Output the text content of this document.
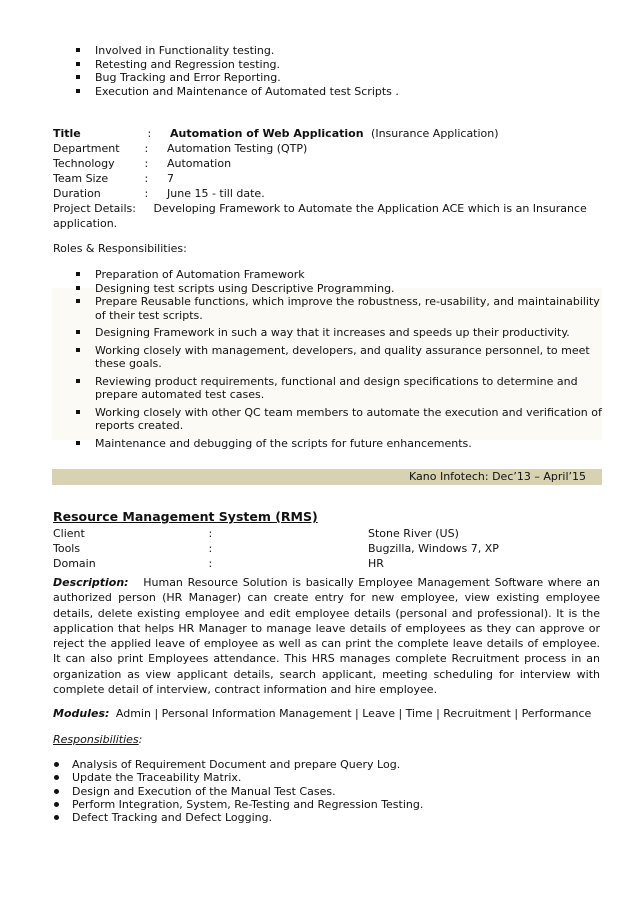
Involved in Functionality testing.
Retesting and Regression testing.
Bug Tracking and Error Reporting.
Execution and Maintenance of Automated test Scripts .
Title	: Automation of Web Application (Insurance Application)
Department : Automation Testing (QTP)
Technology	: Automation
Team Size	: 7
Duration	: June 15 - till date.
Project Details: Developing Framework to Automate the Application ACE which is an Insurance
application.
Roles & Responsibilities:
Preparation of Automation Framework
Designing test scripts using Descriptive Programming.
Prepare Reusable functions, which improve the robustness, re-usability, and maintainability of their test scripts.
Designing Framework in such a way that it increases and speeds up their productivity.
Working closely with management, developers, and quality assurance personnel, to meet these goals.
Reviewing product requirements, functional and design specifications to determine and prepare automated test cases.
Working closely with other QC team members to automate the execution and verification of reports created.
Maintenance and debugging of the scripts for future enhancements.
Kano Infotech: Dec’13 – April’15
Resource Management System (RMS)
Client	:	Stone River (US)
Tools	:	Bugzilla, Windows 7, XP
Domain	:	HR
Description: Human Resource Solution is basically Employee Management Software where an authorized person (HR Manager) can create entry for new employee, view existing employee details, delete existing employee and edit employee details (personal and professional). It is the application that helps HR Manager to manage leave details of employees as they can approve or reject the applied leave of employee as well as can print the complete leave details of employee. It can also print Employees attendance. This HRS manages complete Recruitment process in an organization as view applicant details, search applicant, meeting scheduling for interview with complete detail of interview, contract information and hire employee.
Modules: Admin | Personal Information Management | Leave | Time | Recruitment | Performance
Responsibilities:
Analysis of Requirement Document and prepare Query Log.
Update the Traceability Matrix.
Design and Execution of the Manual Test Cases.
Perform Integration, System, Re-Testing and Regression Testing.
Defect Tracking and Defect Logging.
